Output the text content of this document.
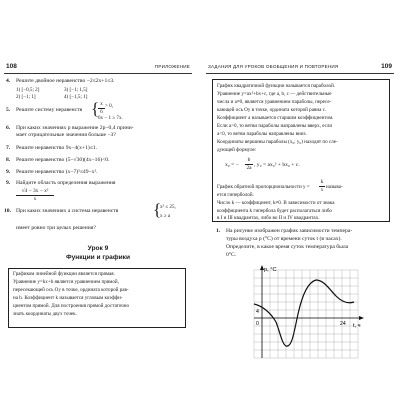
108	ПРИЛОЖЕНИЕ
4. Решите двойное неравенство −2≤2x+1≤3.
1) [−0,5; 2]	3) [−1; 1,5]
2) [−1; 1]	4) [−1,5; 1]
5. Решите систему неравенств { x
6
> 0,
6x − 1 ≥ 7x.
6. При каких значениях p выражение 2p−0,4 прини-
мает отрицательные значения больше −3?
7. Решите неравенство 9x−4(x+1)≤1.
8. Решите неравенство (5−√30)(4x−16)<0.
9. Решите неравенство (x−7)²≤49−x².
9. Найдите область определения выражения
√4 − 3x − x²
x
10. При каких значениях a система неравенств {
x² ≤ 25,
x ≥ a
имеет ровно три целых решения?
Урок 9
Функции и графики
Графиком линейной функции является прямая.
Уравнение y=kx+b является уравнением прямой,
пересекающей ось Oy в точке, ордината которой рав-
на b. Коэффициент k называется угловым коэффи-
циентом прямой. Для построения прямой достаточно
знать координаты двух точек.
ЗАДАНИЯ ДЛЯ УРОКОВ ОБОБЩЕНИЯ И ПОВТОРЕНИЯ	109
График квадратичной функции называется параболой.
Уравнение y=ax²+bx+c, где a, b, c — действительные
числа и a≠0, является уравнением параболы, пересе-
кающей ось Oy в точке, ордината которой равна c.
Коэффициент a называется старшим коэффициентом.
Если a>0, то ветви параболы направлены вверх, если
a<0, то ветви параболы направлены вниз.
Координаты вершины параболы (x₀; y₀) находят по сле-
дующей формуле:
x₀ = −
b
2a , y₀ = ax₀² + bx₀ + c.
График обратной пропорциональности y =
k
x называ-
ется гиперболой.
Число k — коэффициент, k≠0. В зависимости от знака
коэффициента k гипербола будет располагаться либо
в I и III квадрантах, либо во II и IV квадрантах.
1. На рисунке изображен график зависимости темпера-
туры воздуха p (°C) от времени суток t (в часах).
Определите, в какое время суток температура была
0°C.
p, °C
t, ч
4
0	24
